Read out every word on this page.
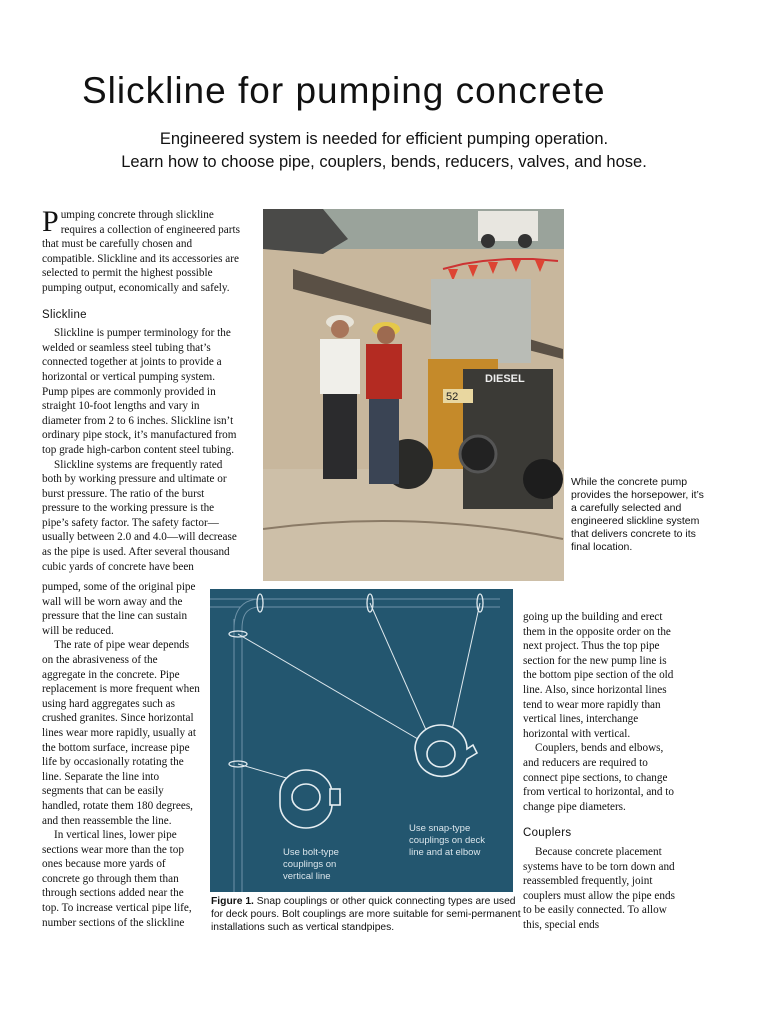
Slickline for pumping concrete
Engineered system is needed for efficient pumping operation.
Learn how to choose pipe, couplers, bends, reducers, valves, and hose.

Pumping concrete through slickline requires a collection of engineered parts that must be carefully chosen and compatible. Slickline and its accessories are selected to permit the highest possible pumping output, economically and safely.

Slickline

Slickline is pumper terminology for the welded or seamless steel tubing that’s connected together at joints to provide a horizontal or vertical pumping system. Pump pipes are commonly provided in straight 10-foot lengths and vary in diameter from 2 to 6 inches. Slickline isn’t ordinary pipe stock, it’s manufactured from top grade high-carbon content steel tubing.

Slickline systems are frequently rated both by working pressure and ultimate or burst pressure. The ratio of the burst pressure to the working pressure is the pipe’s safety factor. The safety factor—usually between 2.0 and 4.0—will decrease as the pipe is used. After several thousand cubic yards of concrete have been

pumped, some of the original pipe wall will be worn away and the pressure that the line can sustain will be reduced.

The rate of pipe wear depends on the abrasiveness of the aggregate in the concrete. Pipe replacement is more frequent when using hard aggregates such as crushed granites. Since horizontal lines wear more rapidly, usually at the bottom surface, increase pipe life by occasionally rotating the line. Separate the line into segments that can be easily handled, rotate them 180 degrees, and then reassemble the line.

In vertical lines, lower pipe sections wear more than the top ones because more yards of concrete go through them than through sections added near the top. To increase vertical pipe life, number sections of the slickline

52
DIESEL
While the concrete pump provides the horsepower, it’s a carefully selected and engineered slickline system that delivers concrete to its final location.
Use snap-type
couplings on deck
line and at elbow
Use bolt-type
couplings on
vertical line
Figure 1. Snap couplings or other quick connecting types are used for deck pours. Bolt couplings are more suitable for semi-permanent installations such as vertical standpipes.

going up the building and erect them in the opposite order on the next project. Thus the top pipe section for the new pump line is the bottom pipe section of the old line. Also, since horizontal lines tend to wear more rapidly than vertical lines, interchange horizontal with vertical.

Couplers, bends and elbows, and reducers are required to connect pipe sections, to change from vertical to horizontal, and to change pipe diameters.

Couplers

Because concrete placement systems have to be torn down and reassembled frequently, joint couplers must allow the pipe ends to be easily connected. To allow this, special ends
